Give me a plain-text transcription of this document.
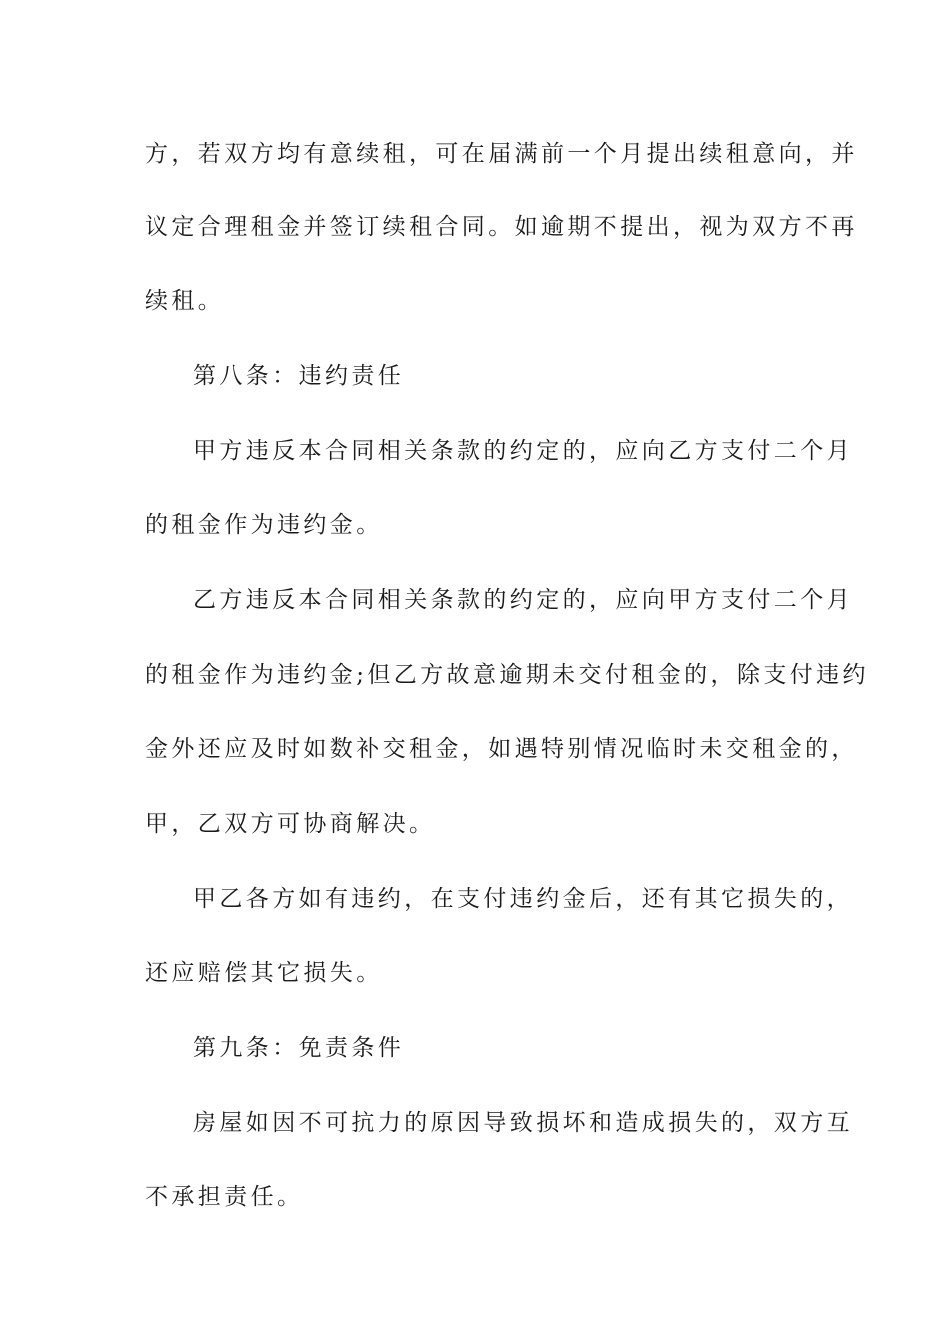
方，若双方均有意续租，可在届满前一个月提出续租意向，并
议定合理租金并签订续租合同。如逾期不提出，视为双方不再
续租。
第八条：违约责任
甲方违反本合同相关条款的约定的，应向乙方支付二个月
的租金作为违约金。
乙方违反本合同相关条款的约定的，应向甲方支付二个月
的租金作为违约金;但乙方故意逾期未交付租金的，除支付违约
金外还应及时如数补交租金，如遇特别情况临时未交租金的，
甲，乙双方可协商解决。
甲乙各方如有违约，在支付违约金后，还有其它损失的，
还应赔偿其它损失。
第九条：免责条件
房屋如因不可抗力的原因导致损坏和造成损失的，双方互
不承担责任。
